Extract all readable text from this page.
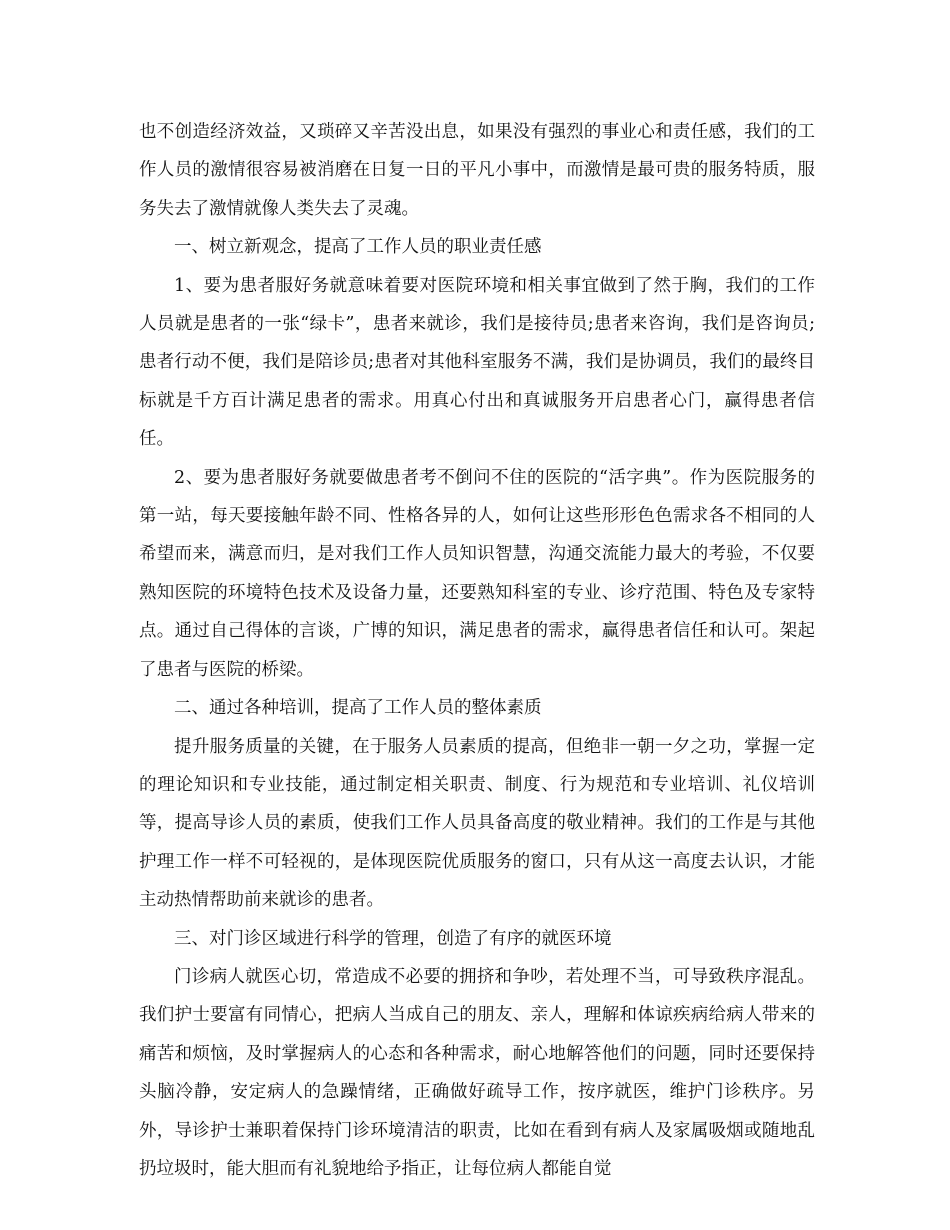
也不创造经济效益，又琐碎又辛苦没出息，如果没有强烈的事业心和责任感，我们的工作人员的激情很容易被消磨在日复一日的平凡小事中，而激情是最可贵的服务特质，服务失去了激情就像人类失去了灵魂。

一、树立新观念，提高了工作人员的职业责任感

1、要为患者服好务就意味着要对医院环境和相关事宜做到了然于胸，我们的工作人员就是患者的一张“绿卡”，患者来就诊，我们是接待员;患者来咨询，我们是咨询员;患者行动不便，我们是陪诊员;患者对其他科室服务不满，我们是协调员，我们的最终目标就是千方百计满足患者的需求。用真心付出和真诚服务开启患者心门，赢得患者信任。

2、要为患者服好务就要做患者考不倒问不住的医院的“活字典”。作为医院服务的第一站，每天要接触年龄不同、性格各异的人，如何让这些形形色色需求各不相同的人希望而来，满意而归，是对我们工作人员知识智慧，沟通交流能力最大的考验，不仅要熟知医院的环境特色技术及设备力量，还要熟知科室的专业、诊疗范围、特色及专家特点。通过自己得体的言谈，广博的知识，满足患者的需求，赢得患者信任和认可。架起了患者与医院的桥梁。

二、通过各种培训，提高了工作人员的整体素质

提升服务质量的关键，在于服务人员素质的提高，但绝非一朝一夕之功，掌握一定的理论知识和专业技能，通过制定相关职责、制度、行为规范和专业培训、礼仪培训等，提高导诊人员的素质，使我们工作人员具备高度的敬业精神。我们的工作是与其他护理工作一样不可轻视的，是体现医院优质服务的窗口，只有从这一高度去认识，才能主动热情帮助前来就诊的患者。

三、对门诊区域进行科学的管理，创造了有序的就医环境

门诊病人就医心切，常造成不必要的拥挤和争吵，若处理不当，可导致秩序混乱。我们护士要富有同情心，把病人当成自己的朋友、亲人，理解和体谅疾病给病人带来的痛苦和烦恼，及时掌握病人的心态和各种需求，耐心地解答他们的问题，同时还要保持头脑冷静，安定病人的急躁情绪，正确做好疏导工作，按序就医，维护门诊秩序。另外，导诊护士兼职着保持门诊环境清洁的职责，比如在看到有病人及家属吸烟或随地乱扔垃圾时，能大胆而有礼貌地给予指正，让每位病人都能自觉
